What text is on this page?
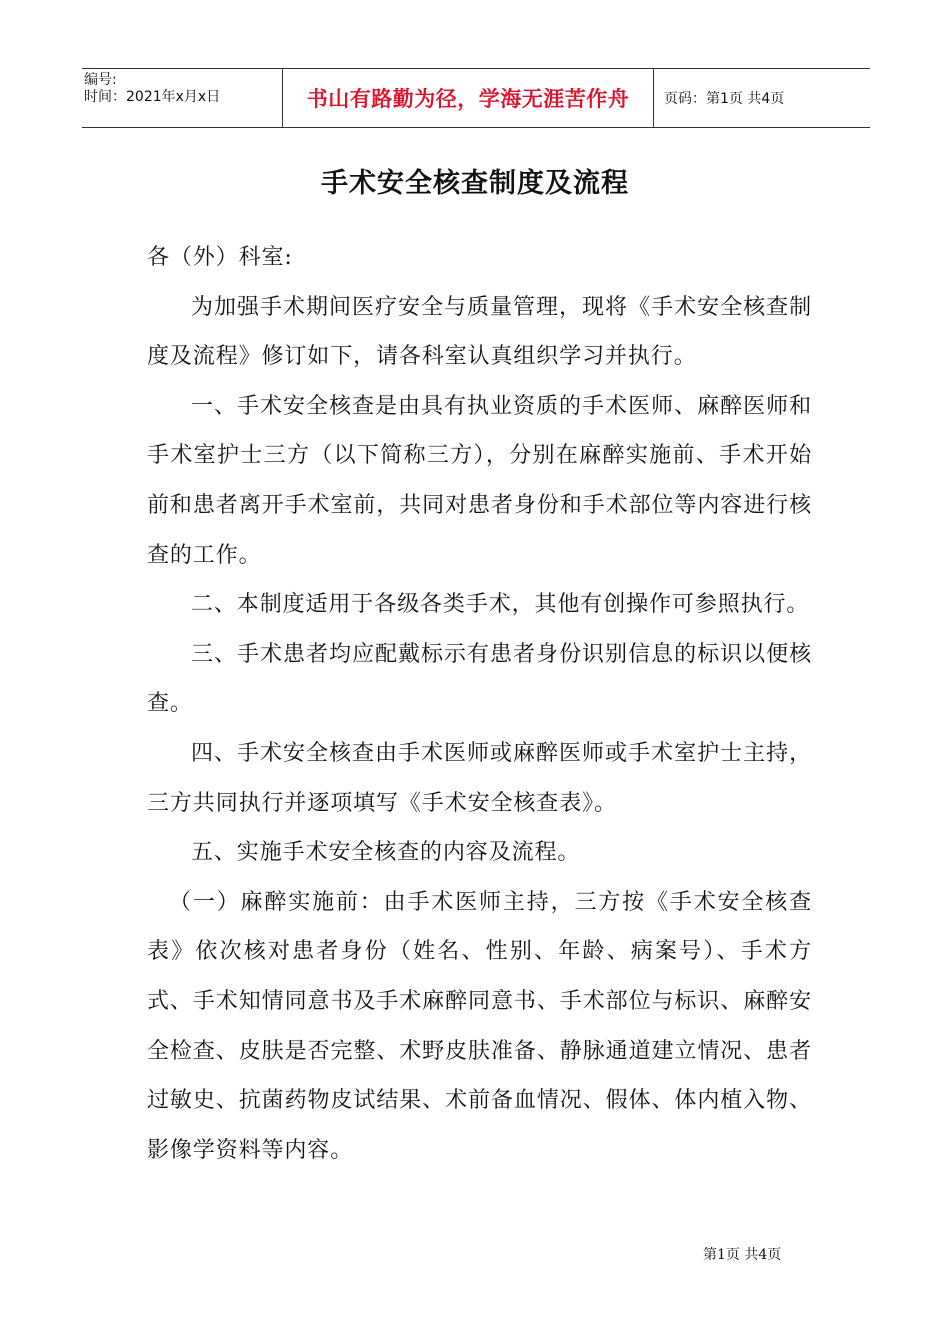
编号:
时间：2021年x月x日	书山有路勤为径，学海无涯苦作舟	页码：第1页 共4页
手术安全核查制度及流程

各（外）科室:

为加强手术期间医疗安全与质量管理，现将《手术安全核查制度及流程》修订如下，请各科室认真组织学习并执行。

一、手术安全核查是由具有执业资质的手术医师、麻醉医师和手术室护士三方（以下简称三方），分别在麻醉实施前、手术开始前和患者离开手术室前，共同对患者身份和手术部位等内容进行核查的工作。

二、本制度适用于各级各类手术，其他有创操作可参照执行。

三、手术患者均应配戴标示有患者身份识别信息的标识以便核查。

四、手术安全核查由手术医师或麻醉医师或手术室护士主持，三方共同执行并逐项填写《手术安全核查表》。

五、实施手术安全核查的内容及流程。

（一）麻醉实施前：由手术医师主持，三方按《手术安全核查表》依次核对患者身份（姓名、性别、年龄、病案号）、手术方式、手术知情同意书及手术麻醉同意书、手术部位与标识、麻醉安全检查、皮肤是否完整、术野皮肤准备、静脉通道建立情况、患者过敏史、抗菌药物皮试结果、术前备血情况、假体、体内植入物、影像学资料等内容。

第1页 共4页
